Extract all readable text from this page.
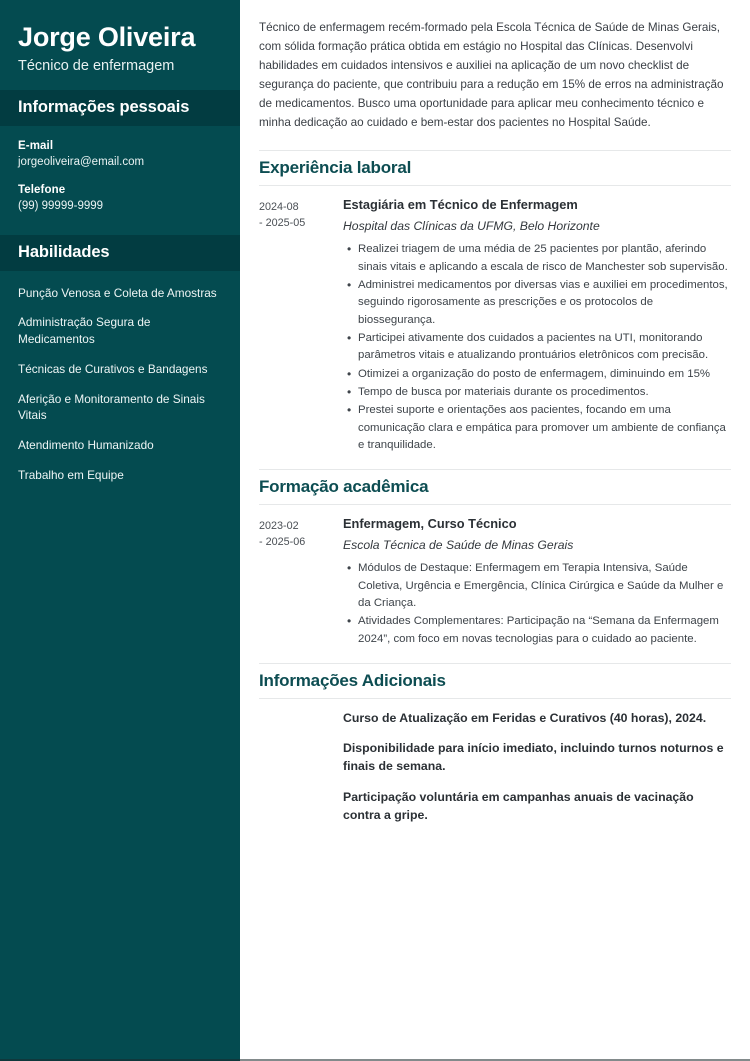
Jorge Oliveira
Técnico de enfermagem
Informações pessoais
E-mail
jorgeoliveira@email.com
Telefone
(99) 99999-9999
Habilidades
Punção Venosa e Coleta de Amostras
Administração Segura de Medicamentos
Técnicas de Curativos e Bandagens
Aferição e Monitoramento de Sinais Vitais
Atendimento Humanizado
Trabalho em Equipe

Técnico de enfermagem recém-formado pela Escola Técnica de Saúde de Minas Gerais, com sólida formação prática obtida em estágio no Hospital das Clínicas. Desenvolvi habilidades em cuidados intensivos e auxiliei na aplicação de um novo checklist de segurança do paciente, que contribuiu para a redução em 15% de erros na administração de medicamentos. Busco uma oportunidade para aplicar meu conhecimento técnico e minha dedicação ao cuidado e bem-estar dos pacientes no Hospital Saúde.

Experiência laboral
2024-08
- 2025-05
Estagiária em Técnico de Enfermagem
Hospital das Clínicas da UFMG, Belo Horizonte
• Realizei triagem de uma média de 25 pacientes por plantão, aferindo sinais vitais e aplicando a escala de risco de Manchester sob supervisão.
• Administrei medicamentos por diversas vias e auxiliei em procedimentos, seguindo rigorosamente as prescrições e os protocolos de biossegurança.
• Participei ativamente dos cuidados a pacientes na UTI, monitorando parâmetros vitais e atualizando prontuários eletrônicos com precisão.
• Otimizei a organização do posto de enfermagem, diminuindo em 15%
• Tempo de busca por materiais durante os procedimentos.
• Prestei suporte e orientações aos pacientes, focando em uma comunicação clara e empática para promover um ambiente de confiança e tranquilidade.
Formação acadêmica
2023-02
- 2025-06
Enfermagem, Curso Técnico
Escola Técnica de Saúde de Minas Gerais
• Módulos de Destaque: Enfermagem em Terapia Intensiva, Saúde Coletiva, Urgência e Emergência, Clínica Cirúrgica e Saúde da Mulher e da Criança.
• Atividades Complementares: Participação na “Semana da Enfermagem 2024”, com foco em novas tecnologias para o cuidado ao paciente.
Informações Adicionais
Curso de Atualização em Feridas e Curativos (40 horas), 2024.
Disponibilidade para início imediato, incluindo turnos noturnos e finais de semana.
Participação voluntária em campanhas anuais de vacinação contra a gripe.
